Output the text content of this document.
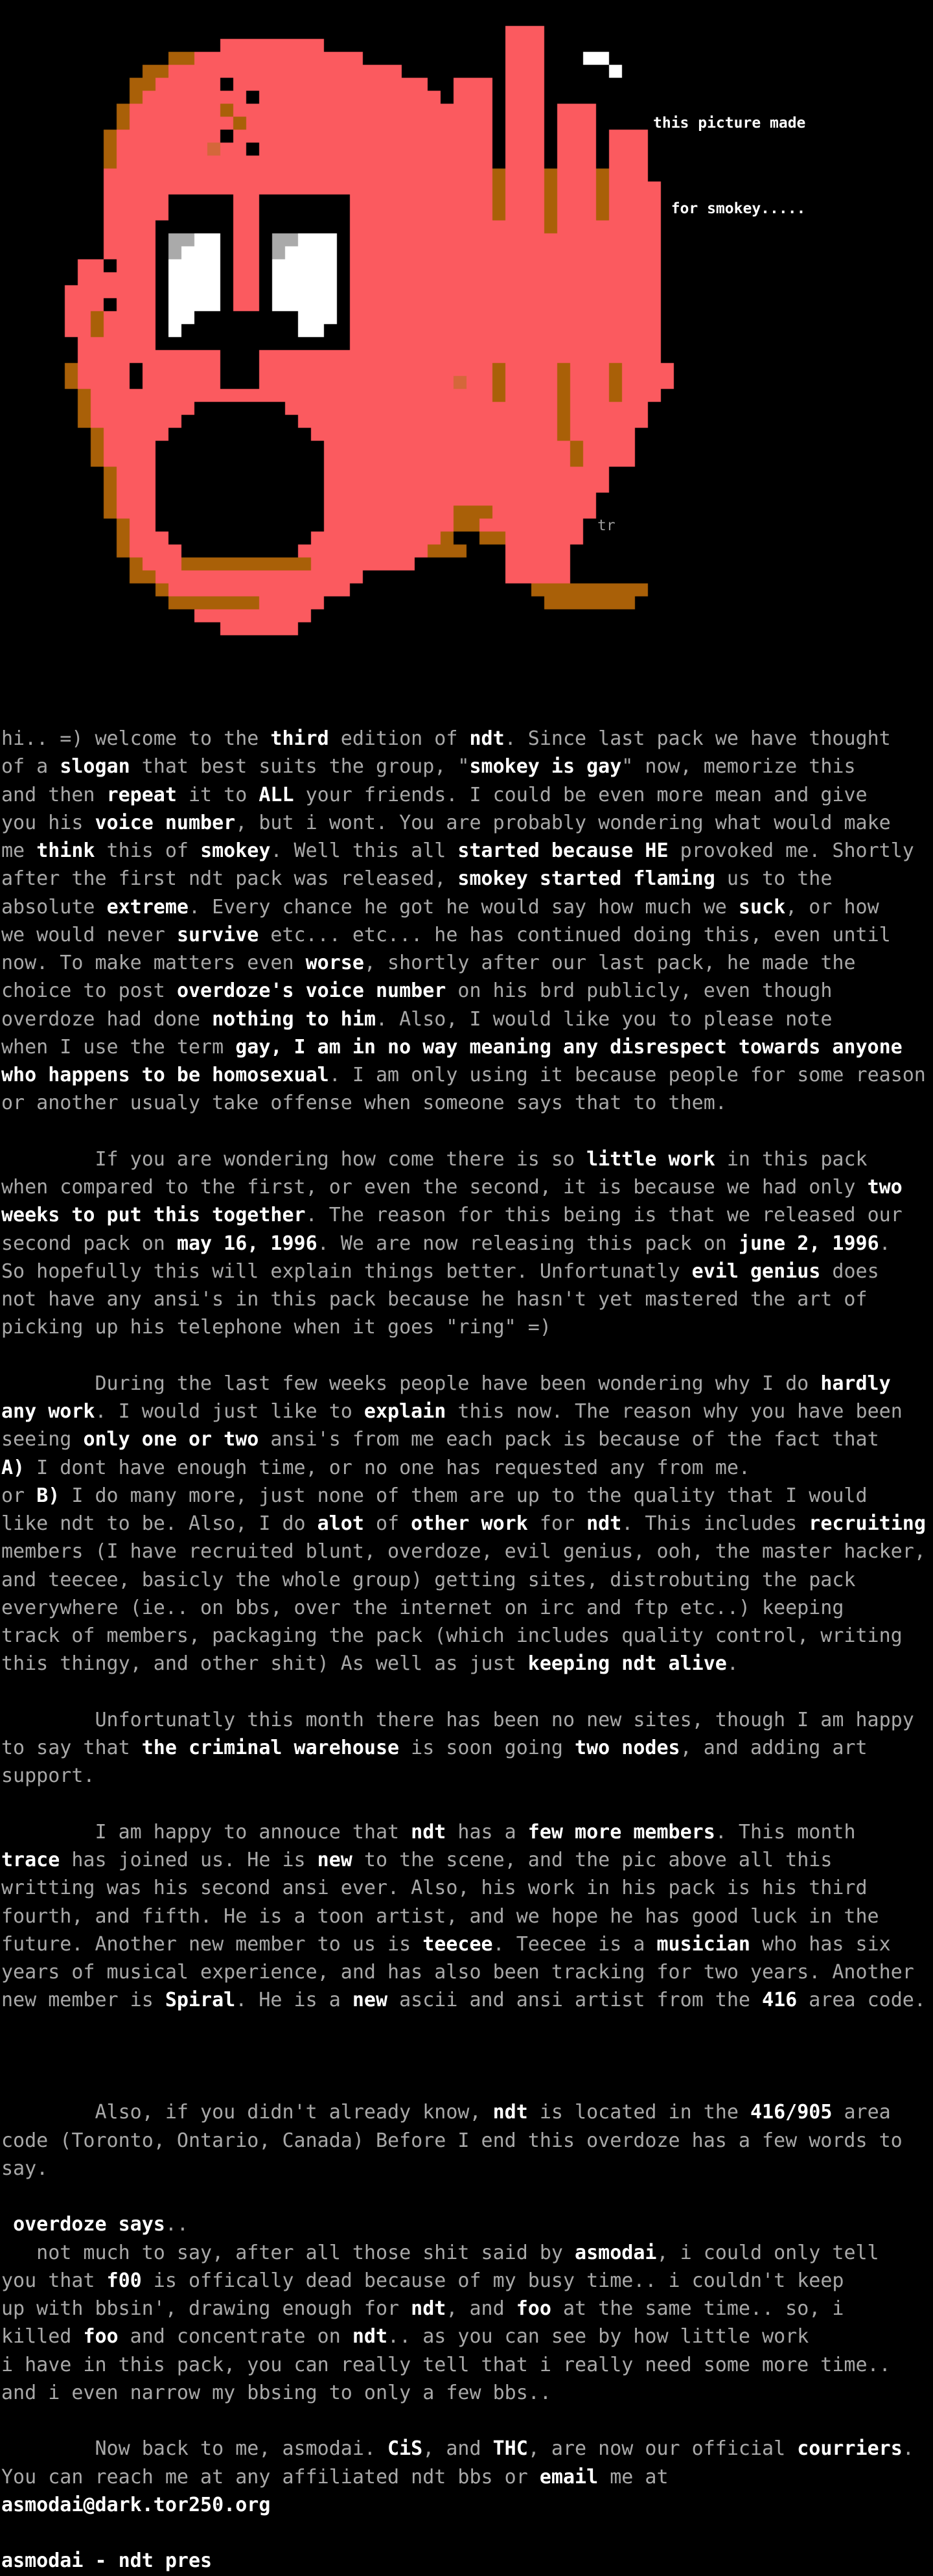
this picture made

for smokey.....

tr
hi.. =) welcome to the third edition of ndt. Since last pack we have thought
of a slogan that best suits the group, "smokey is gay" now, memorize this
and then repeat it to ALL your friends. I could be even more mean and give
you his voice number, but i wont. You are probably wondering what would make
me think this of smokey. Well this all started because HE provoked me. Shortly
after the first ndt pack was released, smokey started flaming us to the
absolute extreme. Every chance he got he would say how much we suck, or how
we would never survive etc... etc... he has continued doing this, even until
now. To make matters even worse, shortly after our last pack, he made the
choice to post overdoze's voice number on his brd publicly, even though
overdoze had done nothing to him. Also, I would like you to please note
when I use the term gay, I am in no way meaning any disrespect towards anyone
who happens to be homosexual. I am only using it because people for some reason
or another usualy take offense when someone says that to them.
If you are wondering how come there is so little work in this pack
when compared to the first, or even the second, it is because we had only two
weeks to put this together. The reason for this being is that we released our
second pack on may 16, 1996. We are now releasing this pack on june 2, 1996.
So hopefully this will explain things better. Unfortunatly evil genius does
not have any ansi's in this pack because he hasn't yet mastered the art of
picking up his telephone when it goes "ring" =)
During the last few weeks people have been wondering why I do hardly
any work. I would just like to explain this now. The reason why you have been
seeing only one or two ansi's from me each pack is because of the fact that
A) I dont have enough time, or no one has requested any from me.
or B) I do many more, just none of them are up to the quality that I would
like ndt to be. Also, I do alot of other work for ndt. This includes recruiting
members (I have recruited blunt, overdoze, evil genius, ooh, the master hacker,
and teecee, basicly the whole group) getting sites, distrobuting the pack
everywhere (ie.. on bbs, over the internet on irc and ftp etc..) keeping
track of members, packaging the pack (which includes quality control, writing
this thingy, and other shit) As well as just keeping ndt alive.
Unfortunatly this month there has been no new sites, though I am happy
to say that the criminal warehouse is soon going two nodes, and adding art
support.
I am happy to annouce that ndt has a few more members. This month
trace has joined us. He is new to the scene, and the pic above all this
writting was his second ansi ever. Also, his work in his pack is his third
fourth, and fifth. He is a toon artist, and we hope he has good luck in the
future. Another new member to us is teecee. Teecee is a musician who has six
years of musical experience, and has also been tracking for two years. Another
new member is Spiral. He is a new ascii and ansi artist from the 416 area code.
Also, if you didn't already know, ndt is located in the 416/905 area
code (Toronto, Ontario, Canada) Before I end this overdoze has a few words to
say.
overdoze says..
not much to say, after all those shit said by asmodai, i could only tell
you that f00 is offically dead because of my busy time.. i couldn't keep
up with bbsin', drawing enough for ndt, and foo at the same time.. so, i
killed foo and concentrate on ndt.. as you can see by how little work
i have in this pack, you can really tell that i really need some more time..
and i even narrow my bbsing to only a few bbs..
Now back to me, asmodai. CiS, and THC, are now our official courriers.
You can reach me at any affiliated ndt bbs or email me at
asmodai@dark.tor250.org
asmodai - ndt pres
